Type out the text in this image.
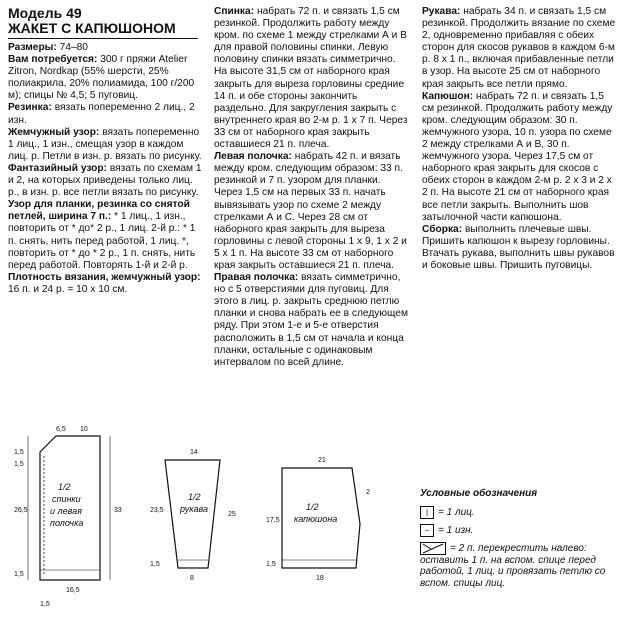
Модель 49

ЖАКЕТ С КАПЮШОНОМ

Размеры: 74–80

Вам потребуется: 300 г пряжи Atelier Zitron, Nordkap (55% шерсти, 25% полиакрила, 20% полиамида, 100 г/200 м); спицы № 4,5; 5 пуговиц.

Резинка: вязать попеременно 2 лиц., 2 изн.

Жемчужный узор: вязать попеременно 1 лиц., 1 изн., смещая узор в каждом лиц. р. Петли в изн. р. вязать по рисунку.

Фантазийный узор: вязать по схемам 1 и 2, на которых приведены только лиц. р., в изн. р. все петли вязать по рисунку.

Узор для планки, резинка со снятой петлей, ширина 7 п.: * 1 лиц., 1 изн., повторить от * до* 2 р., 1 лиц. 2-й р.: * 1 п. снять, нить перед работой, 1 лиц. *, повторить от * до * 2 р., 1 п. снять, нить перед работой. Повторять 1-й и 2-й р.

Плотность вязания, жемчужный узор: 16 п. и 24 р. = 10 х 10 см.

Спинка: набрать 72 п. и связать 1,5 см резинкой. Продолжить работу между кром. по схеме 1 между стрелками А и В для правой половины спинки. Левую половину спинки вязать симметрично. На высоте 31,5 см от наборного края закрыть для выреза горловины средние 14 п. и обе стороны закончить раздельно. Для закругления закрыть с внутреннего края во 2-м р. 1 х 7 п. Через 33 см от наборного края закрыть оставшиеся 21 п. плеча.

Левая полочка: набрать 42 п. и вязать между кром. следующим образом: 33 п. резинкой и 7 п. узором для планки. Через 1,5 см на первых 33 п. начать вывязывать узор по схеме 2 между стрелками А и С. Через 28 см от наборного края закрыть для выреза горловины с левой стороны 1 х 9, 1 х 2 и 5 х 1 п. На высоте 33 см от наборного края закрыть оставшиеся 21 п. плеча.

Правая полочка: вязать симметрично, но с 5 отверстиями для пуговиц. Для этого в лиц. р. закрыть среднюю петлю планки и снова набрать ее в следующем ряду. При этом 1-е и 5-е отверстия расположить в 1,5 см от начала и конца планки, остальные с одинаковым интервалом по всей длине.

Рукава: набрать 34 п. и связать 1,5 см резинкой. Продолжить вязание по схеме 2, одновременно прибавляя с обеих сторон для скосов рукавов в каждом 6-м р. 8 х 1 п., включая прибавленные петли в узор. На высоте 25 см от наборного края закрыть все петли прямо.

Капюшон: набрать 72 п. и связать 1,5 см резинкой. Продолжить работу между кром. следующим образом: 30 п. жемчужного узора, 10 п. узора по схеме 2 между стрелками А и В, 30 п. жемчужного узора. Через 17,5 см от наборного края закрыть для скосов с обеих сторон в каждом 2-м р. 2 х 3 и 2 х 2 п. На высоте 21 см от наборного края все петли закрыть. Выполнить шов затылочной части капюшона.

Сборка: выполнить плечевые швы. Пришить капюшон к вырезу горловины. Втачать рукава, выполнить швы рукавов и боковые швы. Пришить пуговицы.

6,5 10
1,5
1,5
26,5	33
1,5
16,5
1,5
1/2
спинки
и левая
полочка
14
23,5
25
1,5
8
1/2
рукава
21
17,5
1,5
2
18
1/2
капюшона
Условные обозначения
| = 1 лиц.
– = 1 изн.
= 2 п. перекрестить налево: оставить 1 п. на вспом. спице перед работой, 1 лиц. и провязать петлю со вспом. спицы лиц.
